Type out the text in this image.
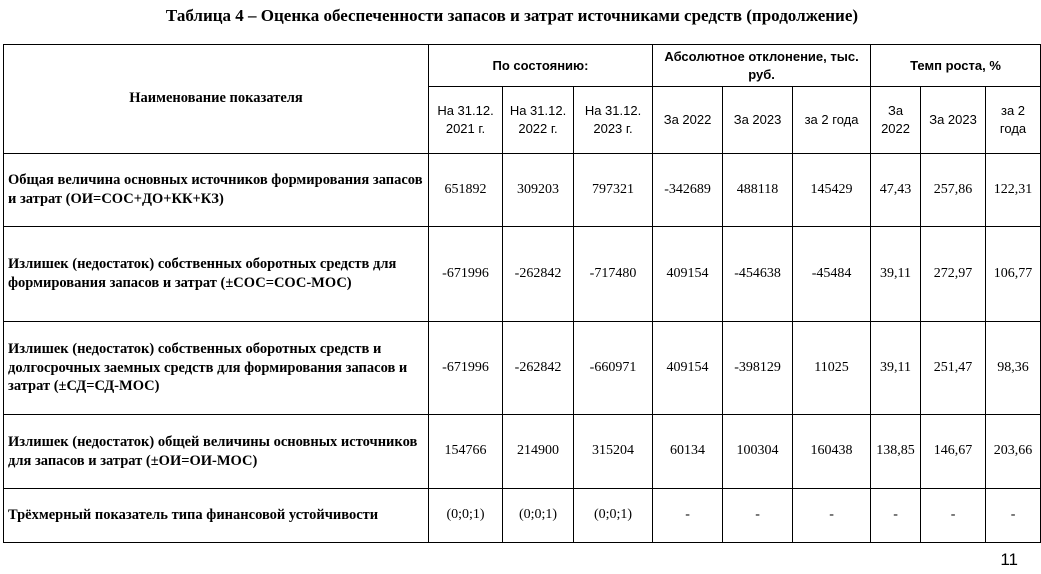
Таблица 4 – Оценка обеспеченности запасов и затрат источниками средств (продолжение)
Наименование показателя	По состоянию:			Абсолютное отклонение, тыс. руб.			Темп роста, %		
	На 31.12. 2021 г.	На 31.12. 2022 г.	На 31.12. 2023 г.	За 2022	За 2023	за 2 года	За 2022	За 2023	за 2 года
Общая величина основных источников формирования запасов и затрат (ОИ=СОС+ДО+КК+КЗ)	651892	309203	797321	-342689	488118	145429	47,43	257,86	122,31
Излишек (недостаток) собственных оборотных средств для формирования запасов и затрат (±СОС=СОС-МОС)	-671996	-262842	-717480	409154	-454638	-45484	39,11	272,97	106,77
Излишек (недостаток) собственных оборотных средств и долгосрочных заемных средств для формирования запасов и затрат (±СД=СД-МОС)	-671996	-262842	-660971	409154	-398129	11025	39,11	251,47	98,36
Излишек (недостаток) общей величины основных источников для запасов и затрат (±ОИ=ОИ-МОС)	154766	214900	315204	60134	100304	160438	138,85	146,67	203,66
Трёхмерный показатель типа финансовой устойчивости	(0;0;1)	(0;0;1)	(0;0;1)	-	-	-	-	-	-
11
